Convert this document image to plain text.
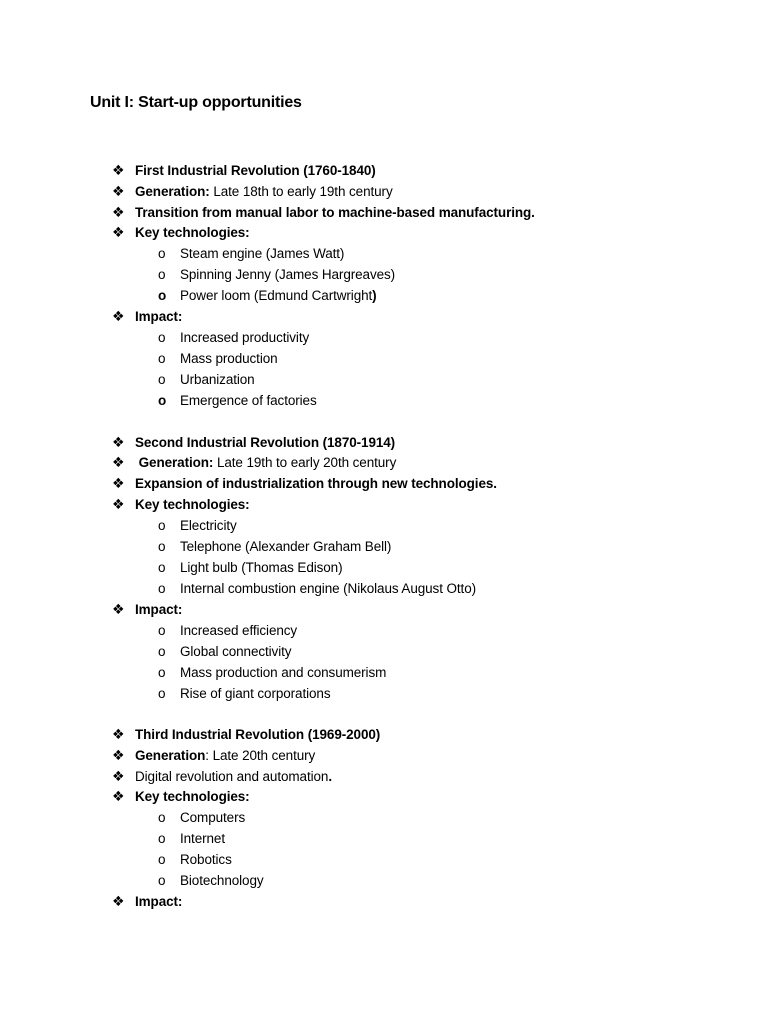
Unit I: Start-up opportunities
❖ First Industrial Revolution (1760-1840)
❖ Generation: Late 18th to early 19th century
❖ Transition from manual labor to machine-based manufacturing.
❖ Key technologies:
o Steam engine (James Watt)
o Spinning Jenny (James Hargreaves)
o Power loom (Edmund Cartwright)
❖ Impact:
o Increased productivity
o Mass production
o Urbanization
o Emergence of factories
❖ Second Industrial Revolution (1870-1914)
❖ Generation: Late 19th to early 20th century
❖ Expansion of industrialization through new technologies.
❖ Key technologies:
o Electricity
o Telephone (Alexander Graham Bell)
o Light bulb (Thomas Edison)
o Internal combustion engine (Nikolaus August Otto)
❖ Impact:
o Increased efficiency
o Global connectivity
o Mass production and consumerism
o Rise of giant corporations
❖ Third Industrial Revolution (1969-2000)
❖ Generation: Late 20th century
❖ Digital revolution and automation.
❖ Key technologies:
o Computers
o Internet
o Robotics
o Biotechnology
❖ Impact:
